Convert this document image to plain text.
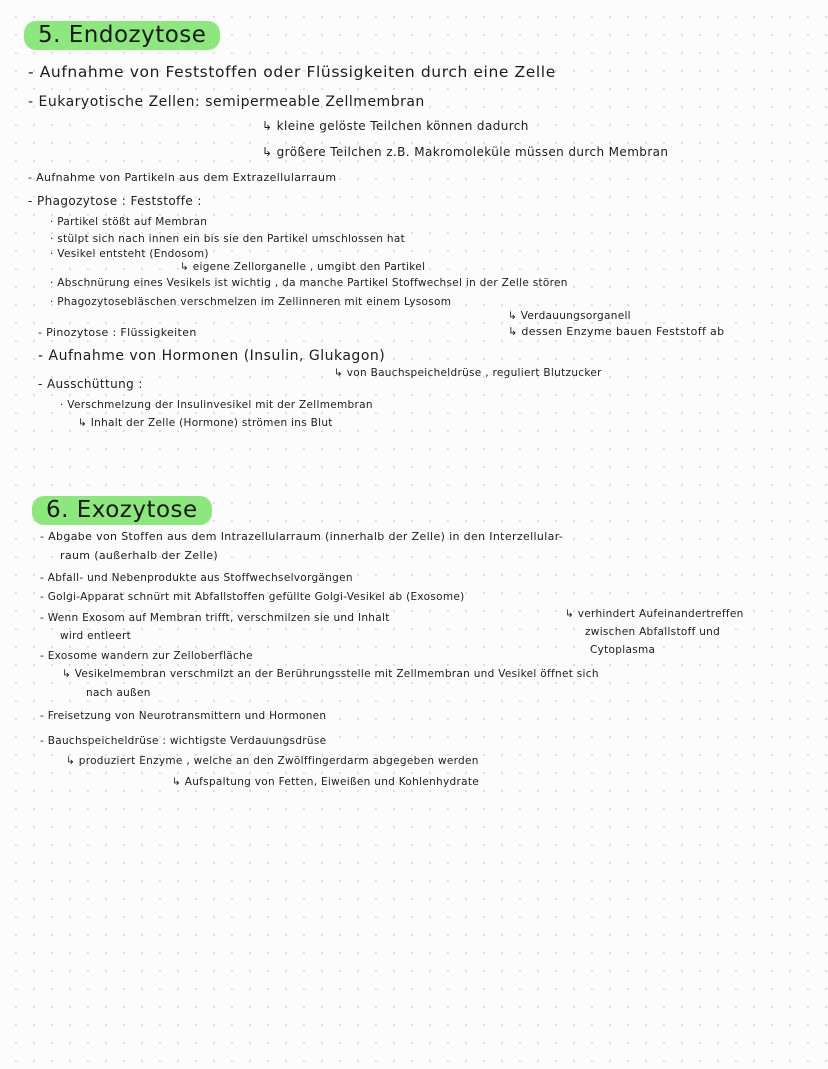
5. Endozytose
- Aufnahme von Feststoffen oder Flüssigkeiten durch eine Zelle
- Eukaryotische Zellen: semipermeable Zellmembran
↳ kleine gelöste Teilchen können dadurch
↳ größere Teilchen z.B. Makromoleküle müssen durch Membran
- Aufnahme von Partikeln aus dem Extrazellularraum
- Phagozytose : Feststoffe :
· Partikel stößt auf Membran
· stülpt sich nach innen ein bis sie den Partikel umschlossen hat
· Vesikel entsteht (Endosom)
↳ eigene Zellorganelle , umgibt den Partikel
· Abschnürung eines Vesikels ist wichtig , da manche Partikel Stoffwechsel in der Zelle stören
· Phagozytosebläschen verschmelzen im Zellinneren mit einem Lysosom
↳ Verdauungsorganell
↳ dessen Enzyme bauen Feststoff ab
- Pinozytose : Flüssigkeiten
- Aufnahme von Hormonen (Insulin, Glukagon)
↳ von Bauchspeicheldrüse , reguliert Blutzucker
- Ausschüttung :
· Verschmelzung der Insulinvesikel mit der Zellmembran
↳ Inhalt der Zelle (Hormone) strömen ins Blut
6. Exozytose
- Abgabe von Stoffen aus dem Intrazellularraum (innerhalb der Zelle) in den Interzellular-
raum (außerhalb der Zelle)
- Abfall- und Nebenprodukte aus Stoffwechselvorgängen
- Golgi-Apparat schnürt mit Abfallstoffen gefüllte Golgi-Vesikel ab (Exosome)
- Wenn Exosom auf Membran trifft, verschmilzen sie und Inhalt	↳ verhindert Aufeinandertreffen
wird entleert	zwischen Abfallstoff und
- Exosome wandern zur Zelloberfläche	Cytoplasma
↳ Vesikelmembran verschmilzt an der Berührungsstelle mit Zellmembran und Vesikel öffnet sich
nach außen
- Freisetzung von Neurotransmittern und Hormonen
- Bauchspeicheldrüse : wichtigste Verdauungsdrüse
↳ produziert Enzyme , welche an den Zwölffingerdarm abgegeben werden
↳ Aufspaltung von Fetten, Eiweißen und Kohlenhydrate
